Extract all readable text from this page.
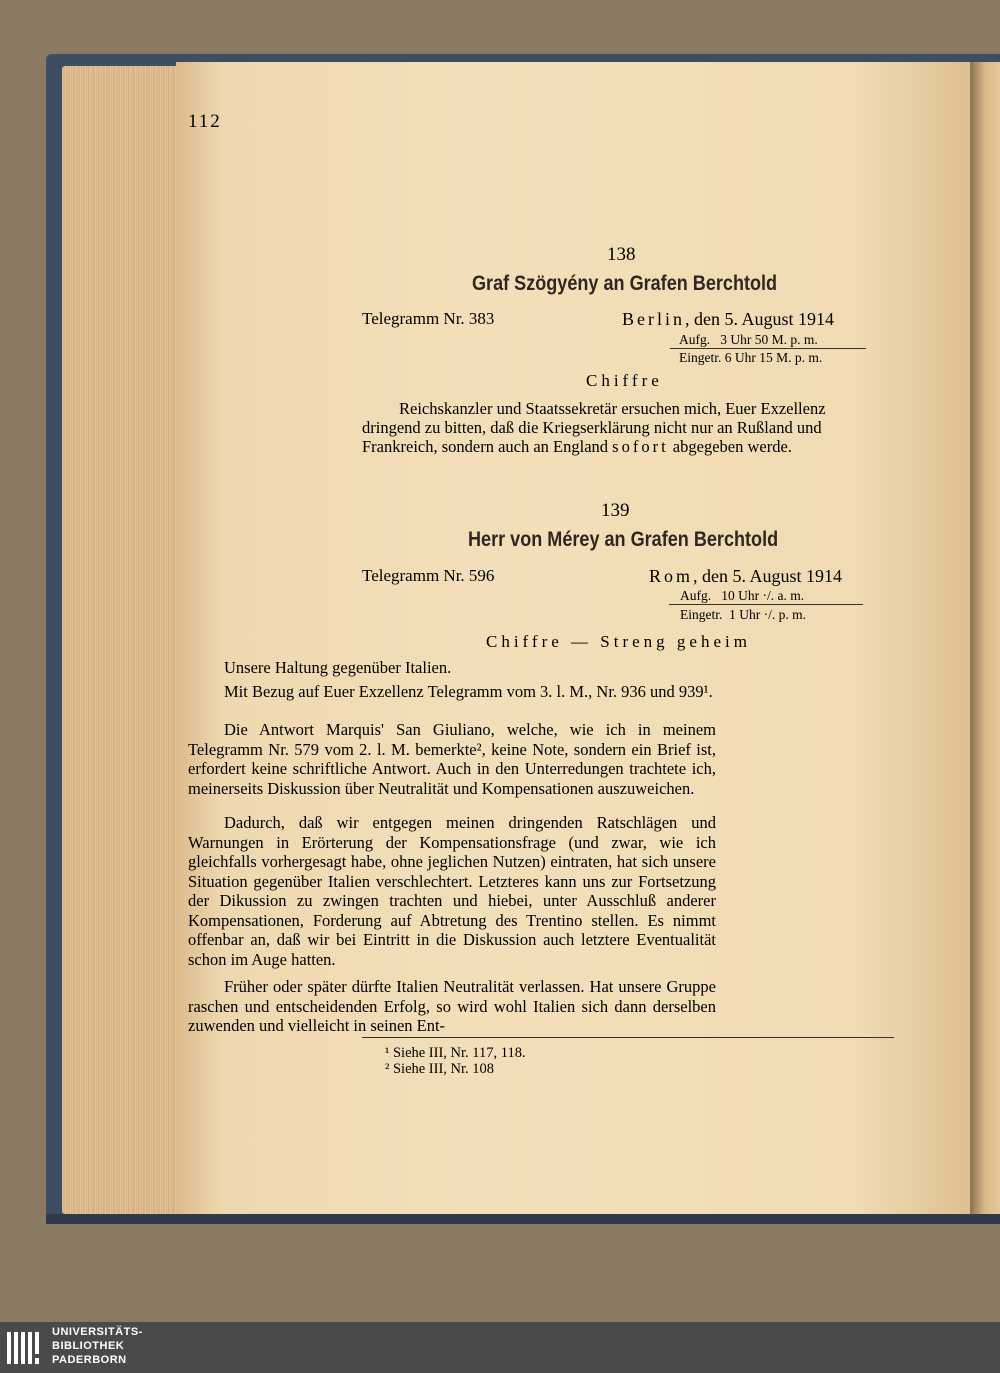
112
138
Graf Szögyény an Grafen Berchtold
Telegramm Nr. 383	Berlin, den 5. August 1914
Aufg. 3 Uhr 50 M. p. m.
Eingetr. 6 Uhr 15 M. p. m.
Chiffre
Reichskanzler und Staatssekretär ersuchen mich, Euer Exzellenz
dringend zu bitten, daß die Kriegserklärung nicht nur an Rußland und
Frankreich, sondern auch an England sofort abgegeben werde.
139
Herr von Mérey an Grafen Berchtold
Telegramm Nr. 596	Rom, den 5. August 1914
Aufg. 10 Uhr ·/. a. m.
Eingetr. 1 Uhr ·/. p. m.
Chiffre — Streng geheim
Unsere Haltung gegenüber Italien.
Mit Bezug auf Euer Exzellenz Telegramm vom 3. l. M., Nr. 936 und 939¹.
Die Antwort Marquis' San Giuliano, welche, wie ich in meinem Telegramm Nr. 579 vom 2. l. M. bemerkte², keine Note, sondern ein Brief ist, erfordert keine schriftliche Antwort. Auch in den Unterredungen trachtete ich, meinerseits Diskussion über Neutralität und Kompensationen auszuweichen.
Dadurch, daß wir entgegen meinen dringenden Ratschlägen und Warnungen in Erörterung der Kompensationsfrage (und zwar, wie ich gleichfalls vorhergesagt habe, ohne jeglichen Nutzen) eintraten, hat sich unsere Situation gegenüber Italien verschlechtert. Letzteres kann uns zur Fortsetzung der Dikussion zu zwingen trachten und hiebei, unter Ausschluß anderer Kompensationen, Forderung auf Abtretung des Trentino stellen. Es nimmt offenbar an, daß wir bei Eintritt in die Diskussion auch letztere Eventualität schon im Auge hatten.
Früher oder später dürfte Italien Neutralität verlassen. Hat unsere Gruppe raschen und entscheidenden Erfolg, so wird wohl Italien sich dann derselben zuwenden und vielleicht in seinen Ent-
¹ Siehe III, Nr. 117, 118.
² Siehe III, Nr. 108
UNIVERSITÄTS-
BIBLIOTHEK
PADERBORN
